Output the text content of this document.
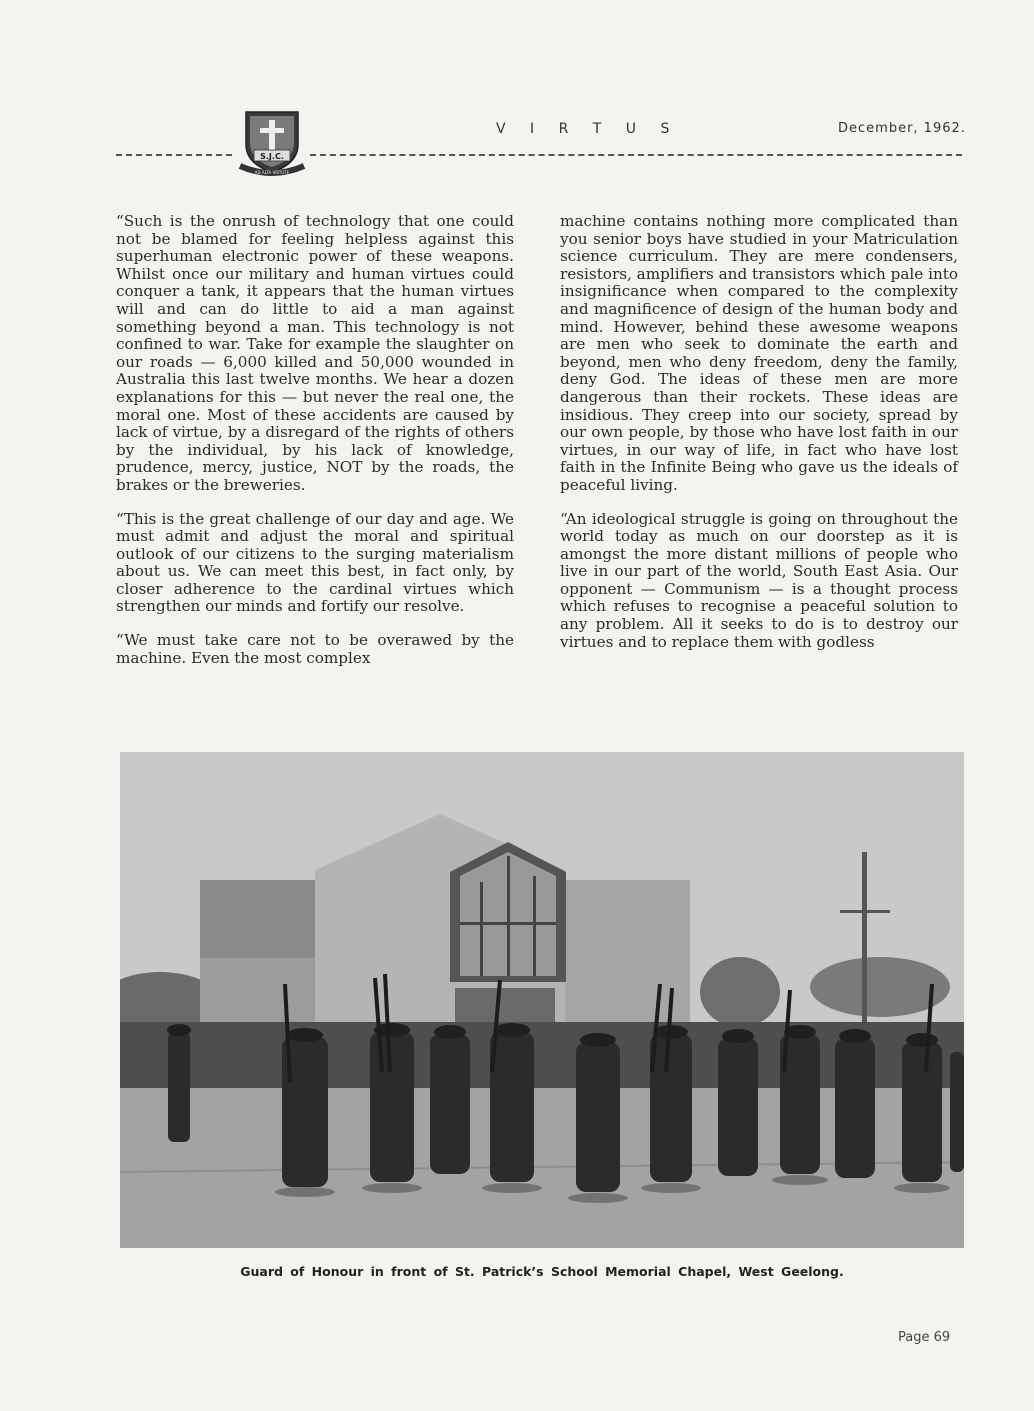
S.J.C.
AD ALTA VIRTUTE
V I R T U S	December, 1962.

“Such is the onrush of technology that one could not be blamed for feeling helpless against this superhuman electronic power of these weapons. Whilst once our military and human virtues could conquer a tank, it appears that the human virtues will and can do little to aid a man against something beyond a man. This technology is not confined to war. Take for example the slaughter on our roads — 6,000 killed and 50,000 wounded in Australia this last twelve months. We hear a dozen explanations for this — but never the real one, the moral one. Most of these accidents are caused by lack of virtue, by a disregard of the rights of others by the individual, by his lack of knowledge, prudence, mercy, justice, NOT by the roads, the brakes or the breweries.

“This is the great challenge of our day and age. We must admit and adjust the moral and spiritual outlook of our citizens to the surging materialism about us. We can meet this best, in fact only, by closer adherence to the cardinal virtues which strengthen our minds and fortify our resolve.

“We must take care not to be overawed by the machine. Even the most complex

machine contains nothing more complicated than you senior boys have studied in your Matriculation science curriculum. They are mere condensers, resistors, amplifiers and transistors which pale into insignificance when compared to the complexity and magnificence of design of the human body and mind. However, behind these awesome weapons are men who seek to dominate the earth and beyond, men who deny freedom, deny the family, deny God. The ideas of these men are more dangerous than their rockets. These ideas are insidious. They creep into our society, spread by our own people, by those who have lost faith in our virtues, in our way of life, in fact who have lost faith in the Infinite Being who gave us the ideals of peaceful living.

“An ideological struggle is going on throughout the world today as much on our doorstep as it is amongst the more distant millions of people who live in our part of the world, South East Asia. Our opponent — Communism — is a thought process which refuses to recognise a peaceful solution to any problem. All it seeks to do is to destroy our virtues and to replace them with godless

Guard of Honour in front of St. Patrick’s School Memorial Chapel, West Geelong.
Page 69
